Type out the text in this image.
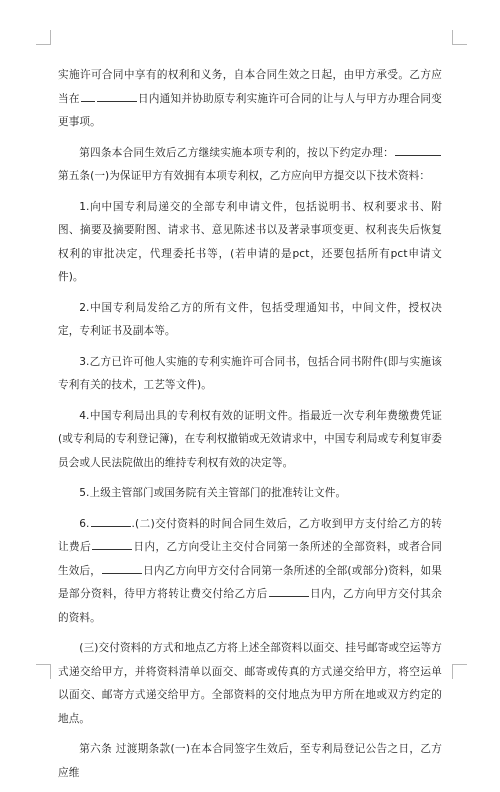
实施许可合同中享有的权利和义务，自本合同生效之日起，由甲方承受。乙方应当在	日内通知并协助原专利实施许可合同的让与人与甲方办理合同变更事项。

第四条本合同生效后乙方继续实施本项专利的，按以下约定办理：第五条(一)为保证甲方有效拥有本项专利权，乙方应向甲方提交以下技术资料：

1.向中国专利局递交的全部专利申请文件，包括说明书、权利要求书、附图、摘要及摘要附图、请求书、意见陈述书以及著录事项变更、权利丧失后恢复权利的审批决定，代理委托书等，(若申请的是pct，还要包括所有pct申请文件)。

2.中国专利局发给乙方的所有文件，包括受理通知书，中间文件，授权决定，专利证书及副本等。

3.乙方已许可他人实施的专利实施许可合同书，包括合同书附件(即与实施该专利有关的技术，工艺等文件)。

4.中国专利局出具的专利权有效的证明文件。指最近一次专利年费缴费凭证(或专利局的专利登记簿)，在专利权撤销或无效请求中，中国专利局或专利复审委员会或人民法院做出的维持专利权有效的决定等。

5.上级主管部门或国务院有关主管部门的批准转让文件。

6.	.(二)交付资料的时间合同生效后，乙方收到甲方支付给乙方的转让费后	日内，乙方向受让主交付合同第一条所述的全部资料，或者合同生效后，	日内乙方向甲方交付合同第一条所述的全部(或部分)资料，如果是部分资料，待甲方将转让费交付给乙方后	日内，乙方向甲方交付其余的资料。

(三)交付资料的方式和地点乙方将上述全部资料以面交、挂号邮寄或空运等方式递交给甲方，并将资料清单以面交、邮寄或传真的方式递交给甲方，将空运单以面交、邮寄方式递交给甲方。全部资料的交付地点为甲方所在地或双方约定的地点。

第六条 过渡期条款(一)在本合同签字生效后，至专利局登记公告之日，乙方应维
